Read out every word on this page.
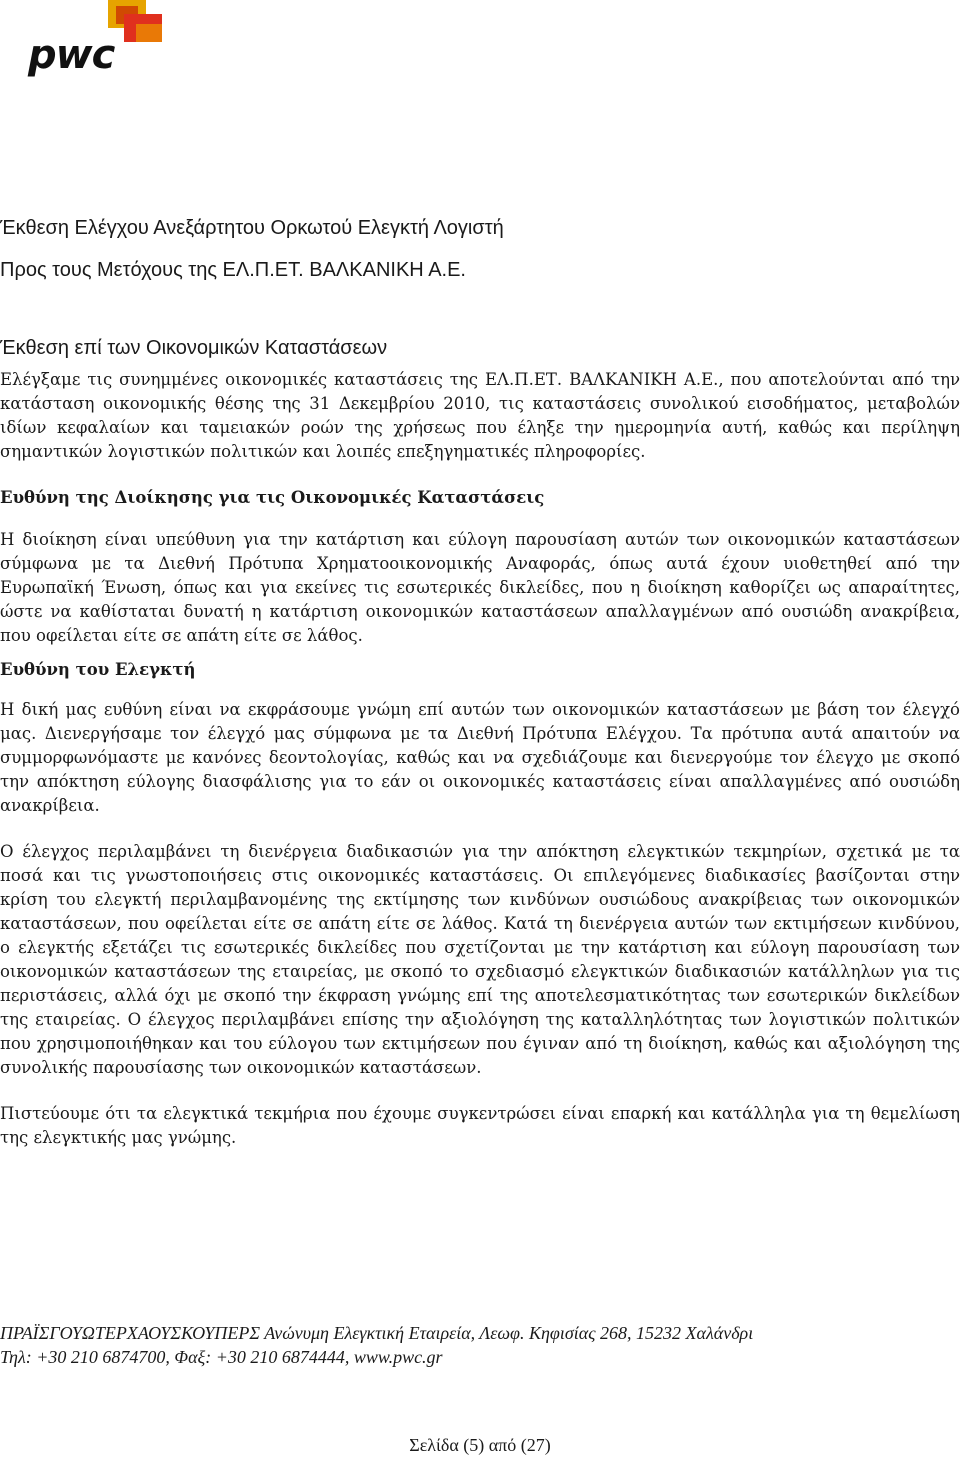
pwc
Έκθεση Ελέγχου Ανεξάρτητου Ορκωτού Ελεγκτή Λογιστή
Προς τους Μετόχους της ΕΛ.Π.ΕΤ. ΒΑΛΚΑΝΙΚΗ Α.Ε.
Έκθεση επί των Οικονομικών Καταστάσεων

Ελέγξαμε τις συνημμένες οικονομικές καταστάσεις της ΕΛ.Π.ΕΤ. ΒΑΛΚΑΝΙΚΗ Α.Ε., που αποτελούνται από την κατάσταση οικονομικής θέσης της 31 Δεκεμβρίου 2010, τις καταστάσεις συνολικού εισοδήματος, μεταβολών ιδίων κεφαλαίων και ταμειακών ροών της χρήσεως που έληξε την ημερομηνία αυτή, καθώς και περίληψη σημαντικών λογιστικών πολιτικών και λοιπές επεξηγηματικές πληροφορίες.

Ευθύνη της Διοίκησης για τις Οικονομικές Καταστάσεις

Η διοίκηση είναι υπεύθυνη για την κατάρτιση και εύλογη παρουσίαση αυτών των οικονομικών καταστάσεων σύμφωνα με τα Διεθνή Πρότυπα Χρηματοοικονομικής Αναφοράς, όπως αυτά έχουν υιοθετηθεί από την Ευρωπαϊκή Ένωση, όπως και για εκείνες τις εσωτερικές δικλείδες, που η διοίκηση καθορίζει ως απαραίτητες, ώστε να καθίσταται δυνατή η κατάρτιση οικονομικών καταστάσεων απαλλαγμένων από ουσιώδη ανακρίβεια, που οφείλεται είτε σε απάτη είτε σε λάθος.

Ευθύνη του Ελεγκτή

Η δική μας ευθύνη είναι να εκφράσουμε γνώμη επί αυτών των οικονομικών καταστάσεων με βάση τον έλεγχό μας. Διενεργήσαμε τον έλεγχό μας σύμφωνα με τα Διεθνή Πρότυπα Ελέγχου. Τα πρότυπα αυτά απαιτούν να συμμορφωνόμαστε με κανόνες δεοντολογίας, καθώς και να σχεδιάζουμε και διενεργούμε τον έλεγχο με σκοπό την απόκτηση εύλογης διασφάλισης για το εάν οι οικονομικές καταστάσεις είναι απαλλαγμένες από ουσιώδη ανακρίβεια.

Ο έλεγχος περιλαμβάνει τη διενέργεια διαδικασιών για την απόκτηση ελεγκτικών τεκμηρίων, σχετικά με τα ποσά και τις γνωστοποιήσεις στις οικονομικές καταστάσεις. Οι επιλεγόμενες διαδικασίες βασίζονται στην κρίση του ελεγκτή περιλαμβανομένης της εκτίμησης των κινδύνων ουσιώδους ανακρίβειας των οικονομικών καταστάσεων, που οφείλεται είτε σε απάτη είτε σε λάθος. Κατά τη διενέργεια αυτών των εκτιμήσεων κινδύνου, ο ελεγκτής εξετάζει τις εσωτερικές δικλείδες που σχετίζονται με την κατάρτιση και εύλογη παρουσίαση των οικονομικών καταστάσεων της εταιρείας, με σκοπό το σχεδιασμό ελεγκτικών διαδικασιών κατάλληλων για τις περιστάσεις, αλλά όχι με σκοπό την έκφραση γνώμης επί της αποτελεσματικότητας των εσωτερικών δικλείδων της εταιρείας. Ο έλεγχος περιλαμβάνει επίσης την αξιολόγηση της καταλληλότητας των λογιστικών πολιτικών που χρησιμοποιήθηκαν και του εύλογου των εκτιμήσεων που έγιναν από τη διοίκηση, καθώς και αξιολόγηση της συνολικής παρουσίασης των οικονομικών καταστάσεων.

Πιστεύουμε ότι τα ελεγκτικά τεκμήρια που έχουμε συγκεντρώσει είναι επαρκή και κατάλληλα για τη θεμελίωση της ελεγκτικής μας γνώμης.

ΠΡΑΪΣΓΟΥΩΤΕΡΧΑΟΥΣΚΟΥΠΕΡΣ Ανώνυμη Ελεγκτική Εταιρεία, Λεωφ. Κηφισίας 268, 15232 Χαλάνδρι
Τηλ: +30 210 6874700, Φαξ: +30 210 6874444, www.pwc.gr
Σελίδα (5) από (27)
